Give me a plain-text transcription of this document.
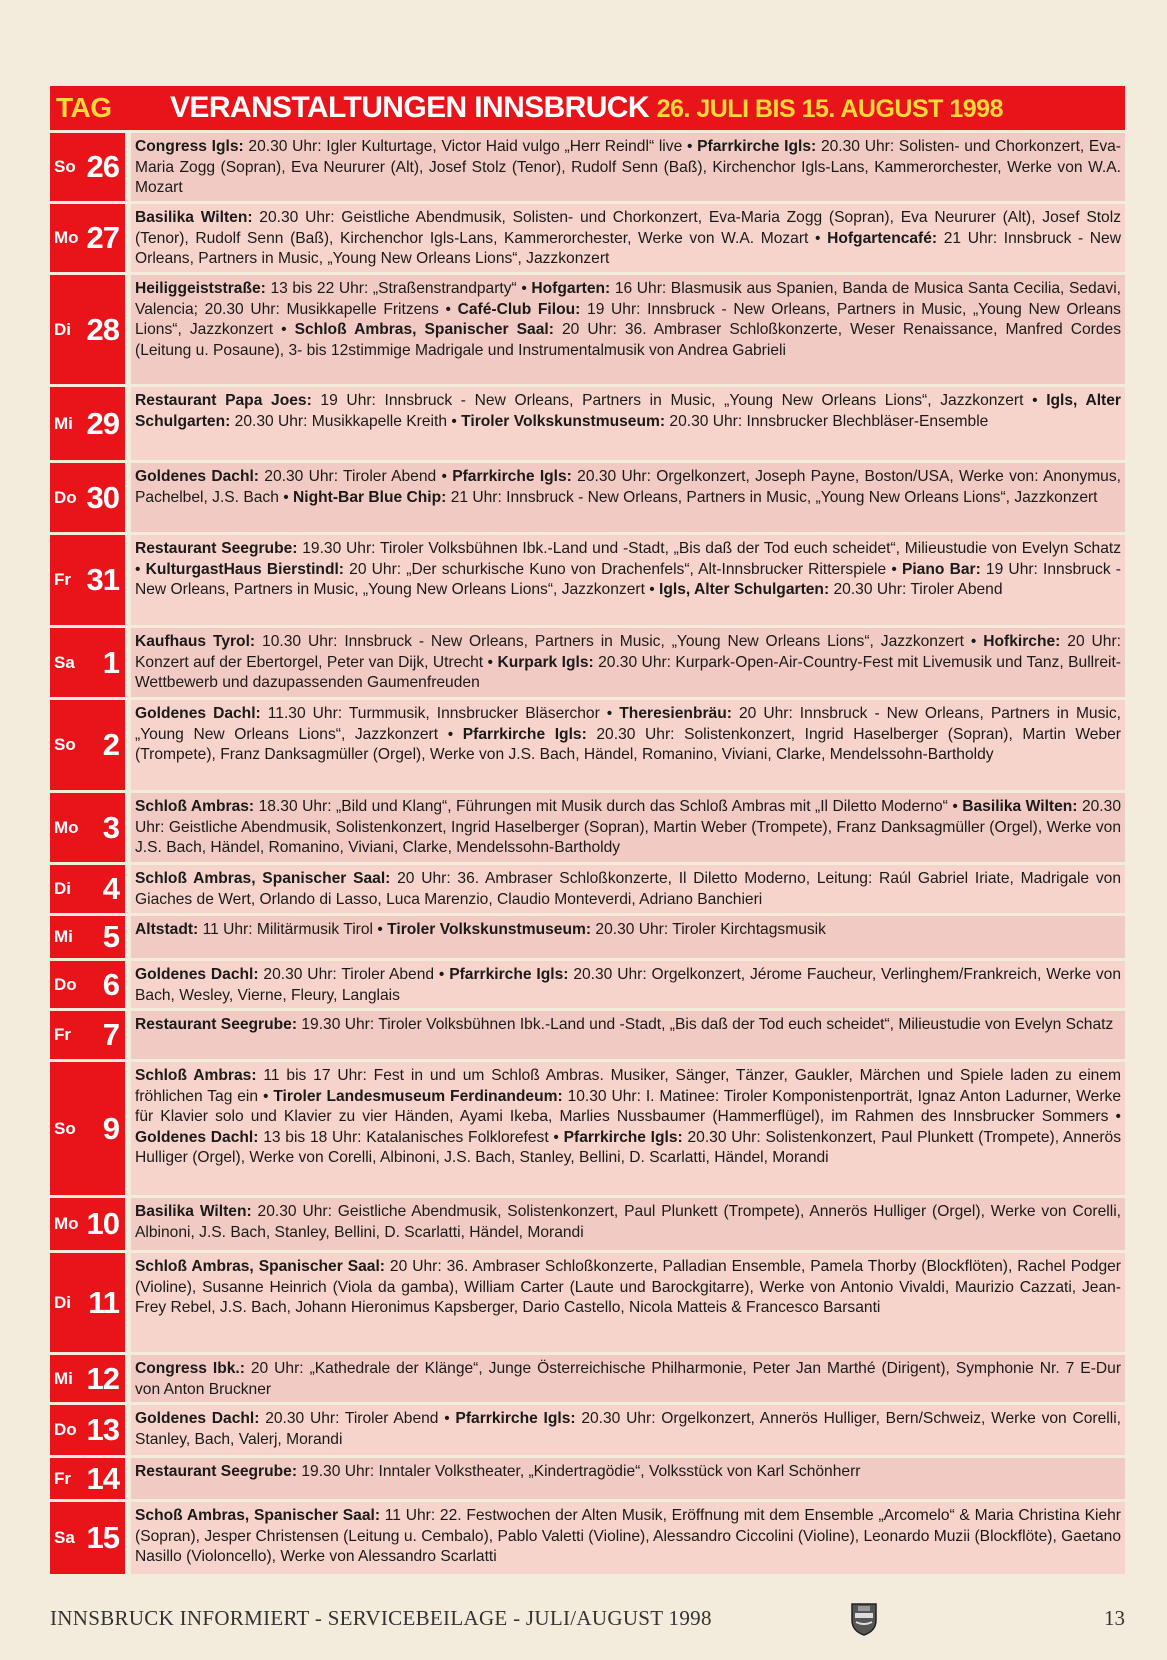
TAG	VERANSTALTUNGEN INNSBRUCK 26. JULI BIS 15. AUGUST 1998
So 26
Congress Igls: 20.30 Uhr: Igler Kulturtage, Victor Haid vulgo „Herr Reindl“ live • Pfarrkirche Igls: 20.30 Uhr: Solisten- und Chorkonzert, Eva-Maria Zogg (Sopran), Eva Neururer (Alt), Josef Stolz (Tenor), Rudolf Senn (Baß), Kirchenchor Igls-Lans, Kammerorchester, Werke von W.A. Mozart
Mo 27
Basilika Wilten: 20.30 Uhr: Geistliche Abendmusik, Solisten- und Chorkonzert, Eva-Maria Zogg (Sopran), Eva Neururer (Alt), Josef Stolz (Tenor), Rudolf Senn (Baß), Kirchenchor Igls-Lans, Kammerorchester, Werke von W.A. Mozart • Hofgartencafé: 21 Uhr: Innsbruck - New Orleans, Partners in Music, „Young New Orleans Lions“, Jazzkonzert
Di 28
Heiliggeiststraße: 13 bis 22 Uhr: „Straßenstrandparty“ • Hofgarten: 16 Uhr: Blasmusik aus Spanien, Banda de Musica Santa Cecilia, Sedavi, Valencia; 20.30 Uhr: Musikkapelle Fritzens • Café-Club Filou: 19 Uhr: Innsbruck - New Orleans, Partners in Music, „Young New Orleans Lions“, Jazzkonzert • Schloß Ambras, Spanischer Saal: 20 Uhr: 36. Ambraser Schloßkonzerte, Weser Renaissance, Manfred Cordes (Leitung u. Posaune), 3- bis 12stimmige Madrigale und Instrumentalmusik von Andrea Gabrieli
Mi 29
Restaurant Papa Joes: 19 Uhr: Innsbruck - New Orleans, Partners in Music, „Young New Orleans Lions“, Jazzkonzert • Igls, Alter Schulgarten: 20.30 Uhr: Musikkapelle Kreith • Tiroler Volkskunstmuseum: 20.30 Uhr: Innsbrucker Blechbläser-Ensemble
Do 30
Goldenes Dachl: 20.30 Uhr: Tiroler Abend • Pfarrkirche Igls: 20.30 Uhr: Orgelkonzert, Joseph Payne, Boston/USA, Werke von: Anonymus, Pachelbel, J.S. Bach • Night-Bar Blue Chip: 21 Uhr: Innsbruck - New Orleans, Partners in Music, „Young New Orleans Lions“, Jazzkonzert
Fr 31
Restaurant Seegrube: 19.30 Uhr: Tiroler Volksbühnen Ibk.-Land und -Stadt, „Bis daß der Tod euch scheidet“, Milieustudie von Evelyn Schatz • KulturgastHaus Bierstindl: 20 Uhr: „Der schurkische Kuno von Drachenfels“, Alt-Innsbrucker Ritterspiele • Piano Bar: 19 Uhr: Innsbruck - New Orleans, Partners in Music, „Young New Orleans Lions“, Jazzkonzert • Igls, Alter Schulgarten: 20.30 Uhr: Tiroler Abend
Sa 1
Kaufhaus Tyrol: 10.30 Uhr: Innsbruck - New Orleans, Partners in Music, „Young New Orleans Lions“, Jazzkonzert • Hofkirche: 20 Uhr: Konzert auf der Ebertorgel, Peter van Dijk, Utrecht • Kurpark Igls: 20.30 Uhr: Kurpark-Open-Air-Country-Fest mit Livemusik und Tanz, Bullreit-Wettbewerb und dazupassenden Gaumenfreuden
So 2
Goldenes Dachl: 11.30 Uhr: Turmmusik, Innsbrucker Bläserchor • Theresienbräu: 20 Uhr: Innsbruck - New Orleans, Partners in Music, „Young New Orleans Lions“, Jazzkonzert • Pfarrkirche Igls: 20.30 Uhr: Solistenkonzert, Ingrid Haselberger (Sopran), Martin Weber (Trompete), Franz Danksagmüller (Orgel), Werke von J.S. Bach, Händel, Romanino, Viviani, Clarke, Mendelssohn-Bartholdy
Mo 3
Schloß Ambras: 18.30 Uhr: „Bild und Klang“, Führungen mit Musik durch das Schloß Ambras mit „Il Diletto Moderno“ • Basilika Wilten: 20.30 Uhr: Geistliche Abendmusik, Solistenkonzert, Ingrid Haselberger (Sopran), Martin Weber (Trompete), Franz Danksagmüller (Orgel), Werke von J.S. Bach, Händel, Romanino, Viviani, Clarke, Mendelssohn-Bartholdy
Di 4 Schloß Ambras, Spanischer Saal: 20 Uhr: 36. Ambraser Schloßkonzerte, Il Diletto Moderno, Leitung: Raúl Gabriel Iriate, Madrigale von Giaches de Wert, Orlando di Lasso, Luca Marenzio, Claudio Monteverdi, Adriano Banchieri
Mi 5 Altstadt: 11 Uhr: Militärmusik Tirol • Tiroler Volkskunstmuseum: 20.30 Uhr: Tiroler Kirchtagsmusik
Do 6 Goldenes Dachl: 20.30 Uhr: Tiroler Abend • Pfarrkirche Igls: 20.30 Uhr: Orgelkonzert, Jérome Faucheur, Verlinghem/Frankreich, Werke von Bach, Wesley, Vierne, Fleury, Langlais
Fr 7 Restaurant Seegrube: 19.30 Uhr: Tiroler Volksbühnen Ibk.-Land und -Stadt, „Bis daß der Tod euch scheidet“, Milieustudie von Evelyn Schatz
So 9
Schloß Ambras: 11 bis 17 Uhr: Fest in und um Schloß Ambras. Musiker, Sänger, Tänzer, Gaukler, Märchen und Spiele laden zu einem fröhlichen Tag ein • Tiroler Landesmuseum Ferdinandeum: 10.30 Uhr: I. Matinee: Tiroler Komponistenporträt, Ignaz Anton Ladurner, Werke für Klavier solo und Klavier zu vier Händen, Ayami Ikeba, Marlies Nussbaumer (Hammerflügel), im Rahmen des Innsbrucker Sommers • Goldenes Dachl: 13 bis 18 Uhr: Katalanisches Folklorefest • Pfarrkirche Igls: 20.30 Uhr: Solistenkonzert, Paul Plunkett (Trompete), Annerös Hulliger (Orgel), Werke von Corelli, Albinoni, J.S. Bach, Stanley, Bellini, D. Scarlatti, Händel, Morandi
Mo 10 Basilika Wilten: 20.30 Uhr: Geistliche Abendmusik, Solistenkonzert, Paul Plunkett (Trompete), Annerös Hulliger (Orgel), Werke von Corelli, Albinoni, J.S. Bach, Stanley, Bellini, D. Scarlatti, Händel, Morandi
Di 11
Schloß Ambras, Spanischer Saal: 20 Uhr: 36. Ambraser Schloßkonzerte, Palladian Ensemble, Pamela Thorby (Blockflöten), Rachel Podger (Violine), Susanne Heinrich (Viola da gamba), William Carter (Laute und Barockgitarre), Werke von Antonio Vivaldi, Maurizio Cazzati, Jean-Frey Rebel, J.S. Bach, Johann Hieronimus Kapsberger, Dario Castello, Nicola Matteis & Francesco Barsanti
Mi 12 Congress Ibk.: 20 Uhr: „Kathedrale der Klänge“, Junge Österreichische Philharmonie, Peter Jan Marthé (Dirigent), Symphonie Nr. 7 E-Dur von Anton Bruckner
Do 13 Goldenes Dachl: 20.30 Uhr: Tiroler Abend • Pfarrkirche Igls: 20.30 Uhr: Orgelkonzert, Annerös Hulliger, Bern/Schweiz, Werke von Corelli, Stanley, Bach, Valerj, Morandi
Fr 14 Restaurant Seegrube: 19.30 Uhr: Inntaler Volkstheater, „Kindertragödie“, Volksstück von Karl Schönherr
Sa 15
Schoß Ambras, Spanischer Saal: 11 Uhr: 22. Festwochen der Alten Musik, Eröffnung mit dem Ensemble „Arcomelo“ & Maria Christina Kiehr (Sopran), Jesper Christensen (Leitung u. Cembalo), Pablo Valetti (Violine), Alessandro Ciccolini (Violine), Leonardo Muzii (Blockflöte), Gaetano Nasillo (Violoncello), Werke von Alessandro Scarlatti
INNSBRUCK INFORMIERT - SERVICEBEILAGE - JULI/AUGUST 1998	13
